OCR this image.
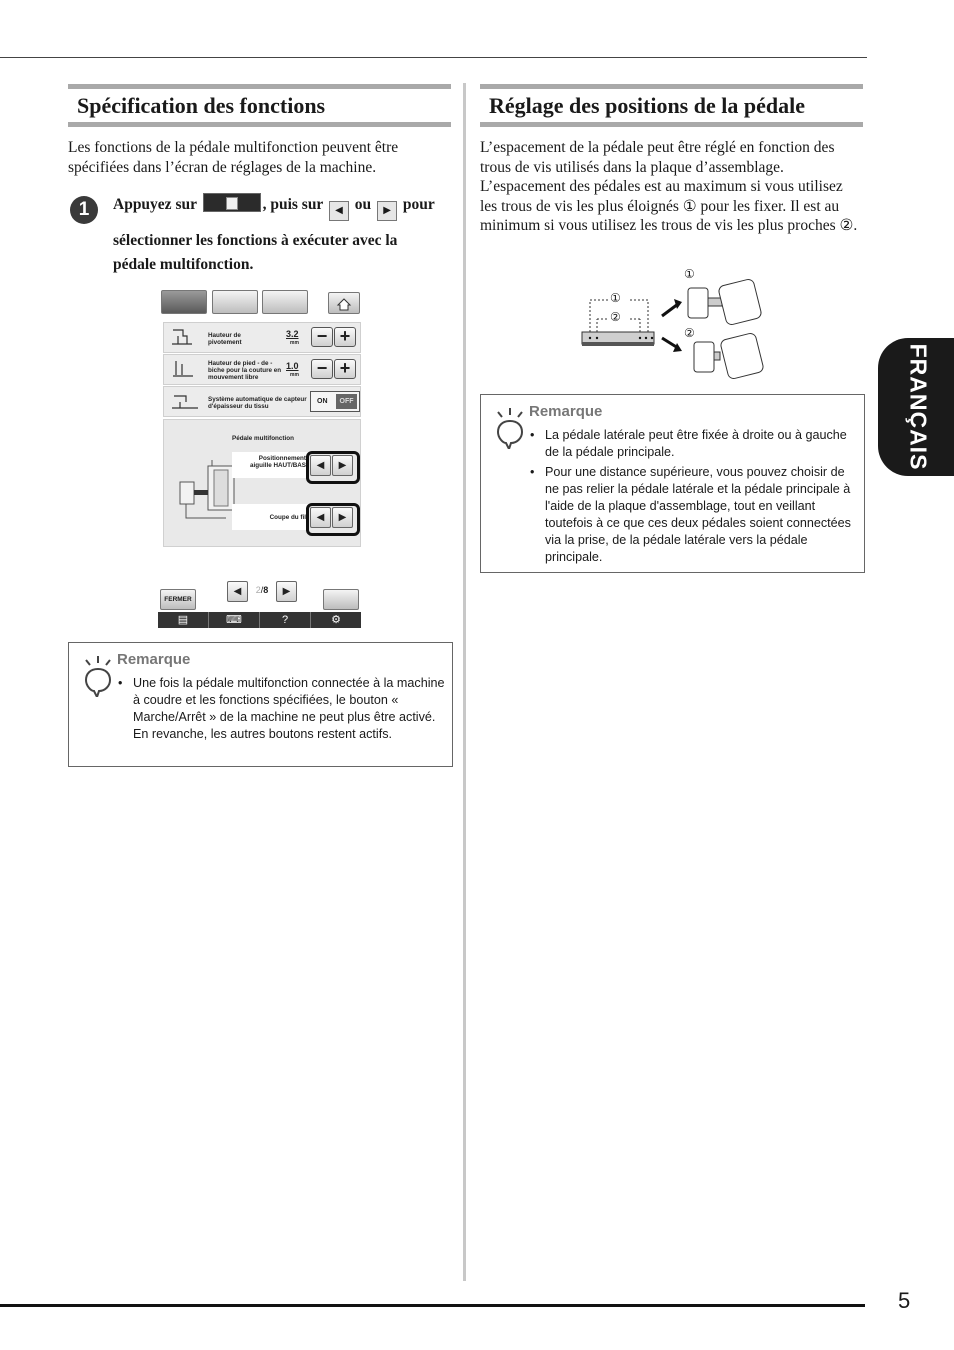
5
FRANÇAIS
Spécification des fonctions
Les fonctions de la pédale multifonction peuvent être spécifiées dans l’écran de réglages de la machine.
1	Appuyez sur	, puis sur ◀ ou ▶ pour
sélectionner les fonctions à exécuter avec la
pédale multifonction.
Hauteur de pivotement
3.2
mm − +
Hauteur de pied - de - biche pour la couture en mouvement libre
1.0
mm − +
Système automatique de capteur d'épaisseur du tissu
ON	OFF
Pédale multifonction
Positionnement aiguille HAUT/BAS
Coupe du fil
◀	▶
◀	▶
◀	2/8	▶
FERMER
▤	⌨	?	⚙
Remarque
• Une fois la pédale multifonction connectée à la machine à coudre et les fonctions spécifiées, le bouton « Marche/Arrêt » de la machine ne peut plus être activé. En revanche, les autres boutons restent actifs.
Réglage des positions de la pédale
L’espacement de la pédale peut être réglé en fonction des trous de vis utilisés dans la plaque d’assemblage. L’espacement des pédales est au maximum si vous utilisez les trous de vis les plus éloignés ① pour les fixer. Il est au minimum si vous utilisez les trous de vis les plus proches ②.
①
②
①
②
Remarque
• La pédale latérale peut être fixée à droite ou à gauche de la pédale principale.
• Pour une distance supérieure, vous pouvez choisir de ne pas relier la pédale latérale et la pédale principale à l'aide de la plaque d'assemblage, tout en veillant toutefois à ce que ces deux pédales soient connectées via la prise, de la pédale latérale vers la pédale principale.
